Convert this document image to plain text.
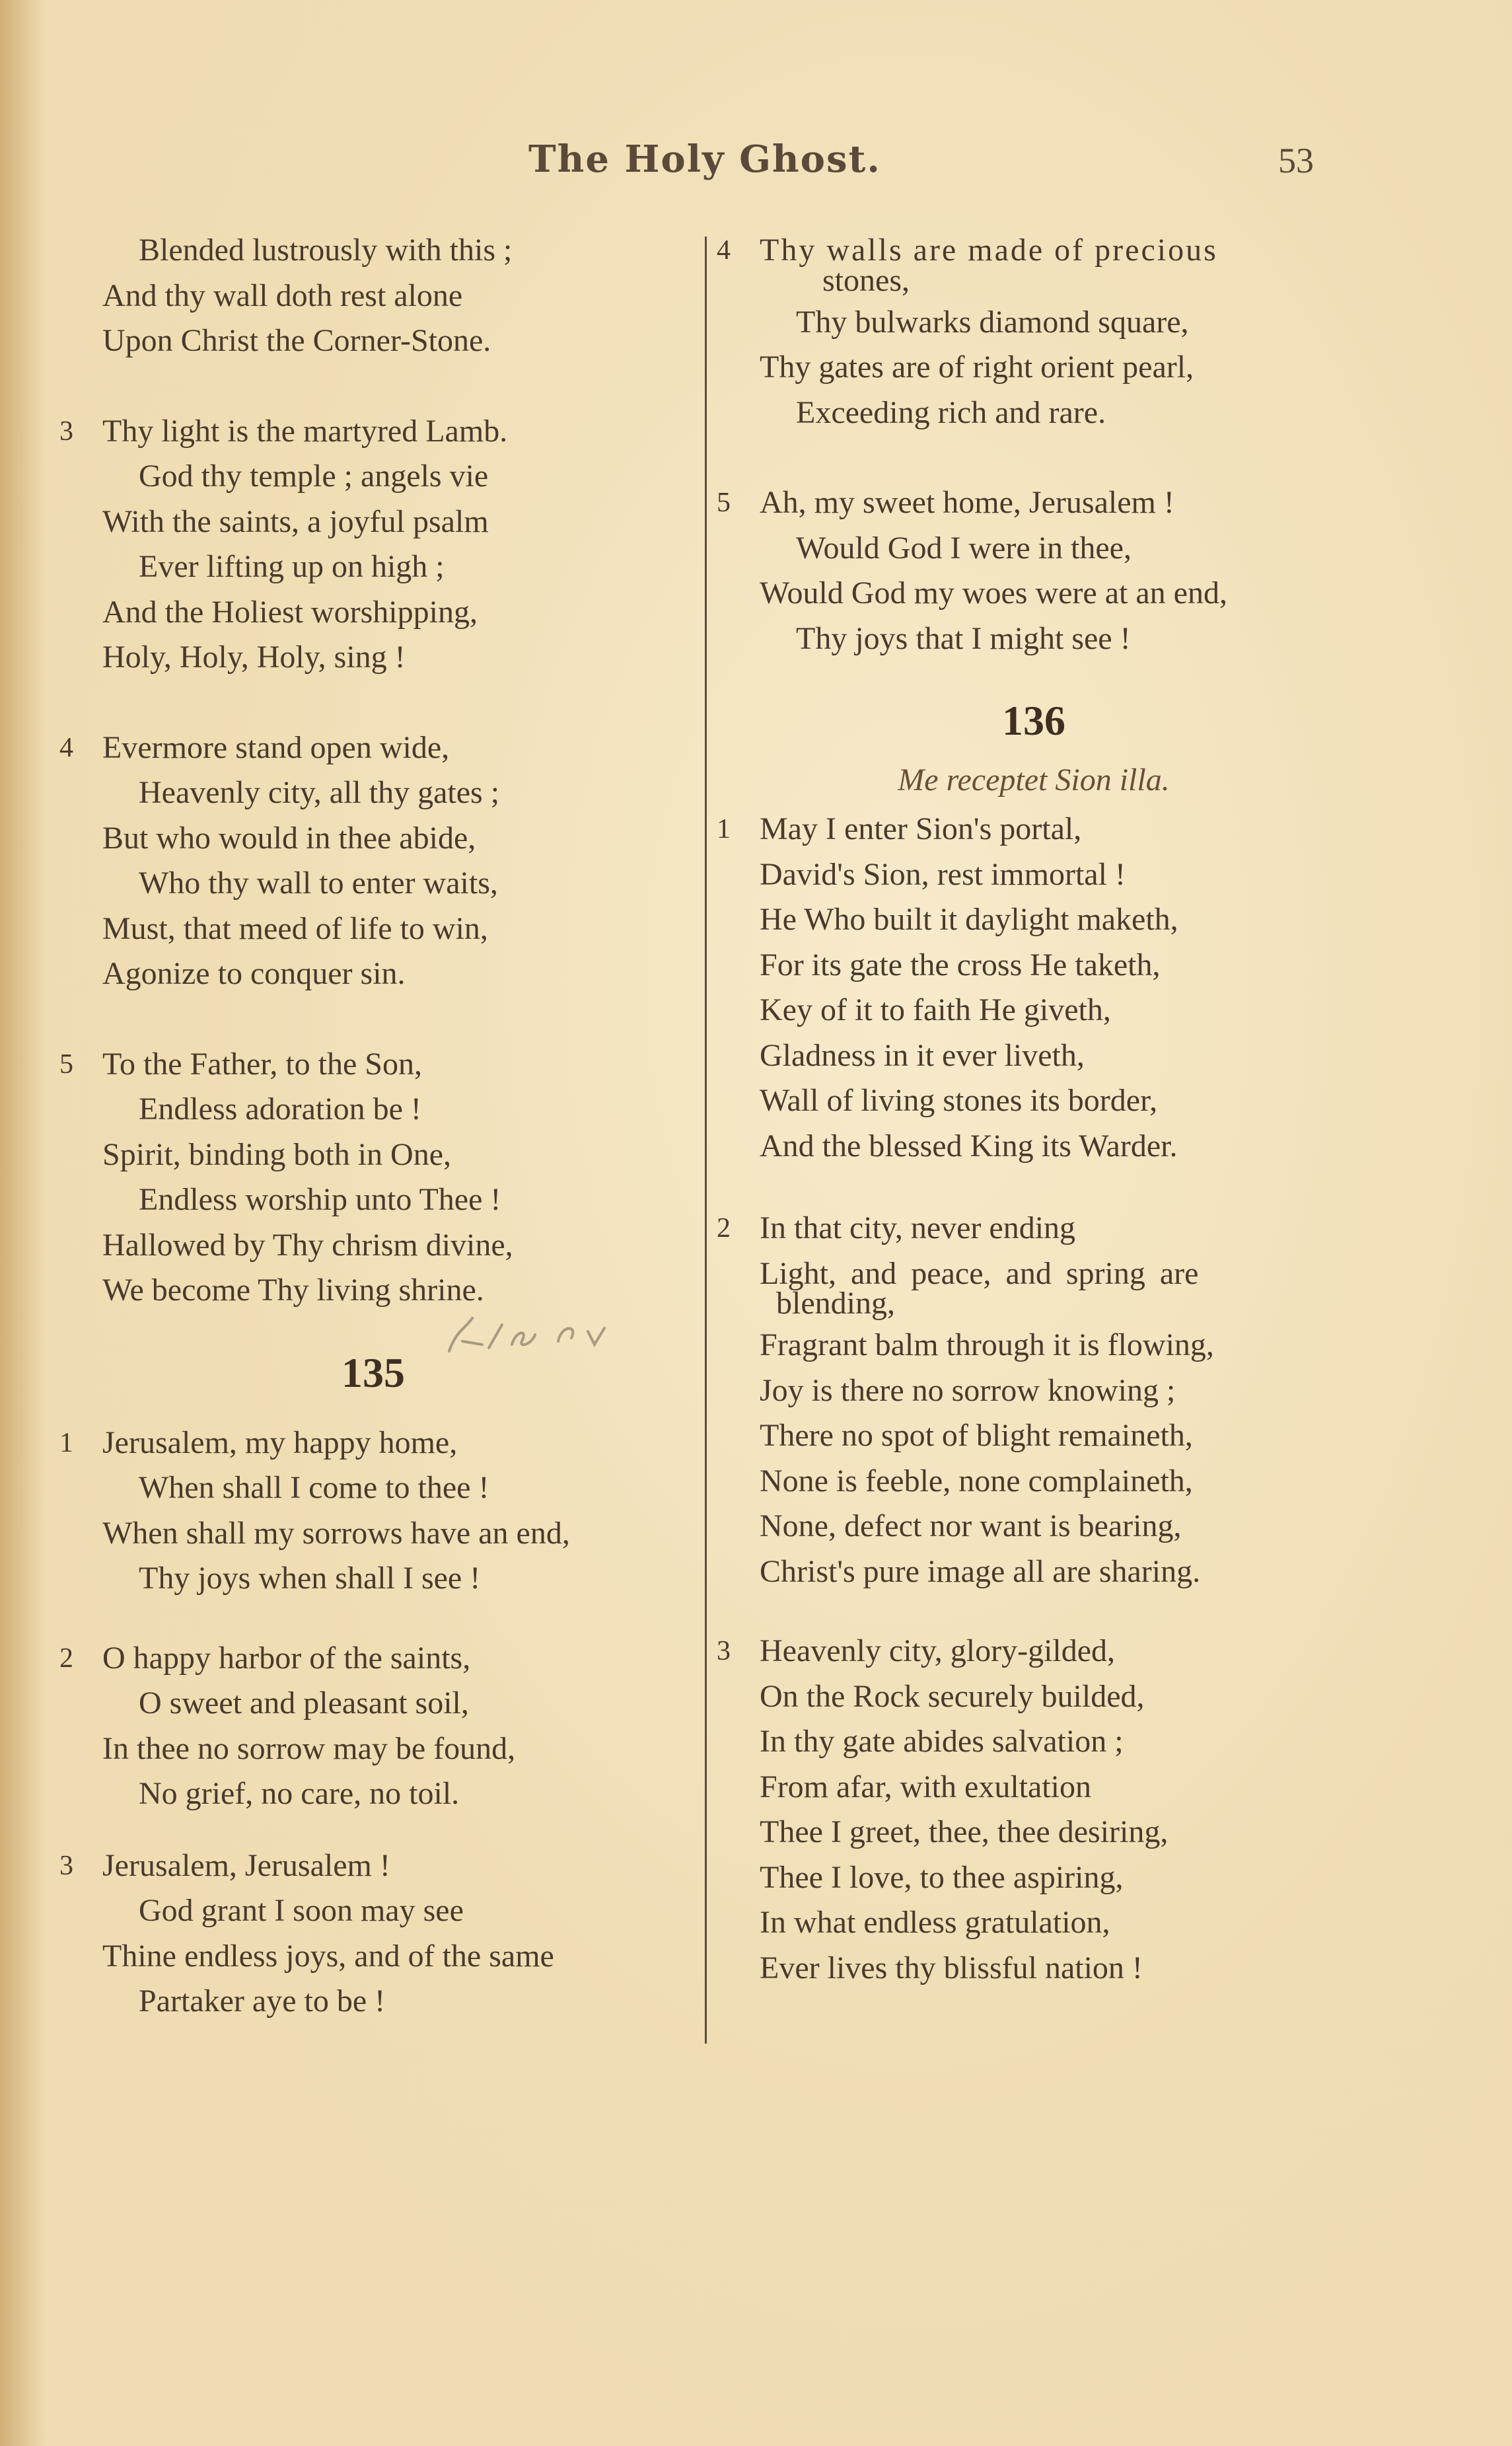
The Holy Ghost.	53
Blended lustrously with this ;
And thy wall doth rest alone
Upon Christ the Corner-Stone.
3 Thy light is the martyred Lamb.
God thy temple ; angels vie
With the saints, a joyful psalm
Ever lifting up on high ;
And the Holiest worshipping,
Holy, Holy, Holy, sing !
4 Evermore stand open wide,
Heavenly city, all thy gates ;
But who would in thee abide,
Who thy wall to enter waits,
Must, that meed of life to win,
Agonize to conquer sin.
5 To the Father, to the Son,
Endless adoration be !
Spirit, binding both in One,
Endless worship unto Thee !
Hallowed by Thy chrism divine,
We become Thy living shrine.
135
1 Jerusalem, my happy home,
When shall I come to thee !
When shall my sorrows have an end,
Thy joys when shall I see !
2 O happy harbor of the saints,
O sweet and pleasant soil,
In thee no sorrow may be found,
No grief, no care, no toil.
3 Jerusalem, Jerusalem !
God grant I soon may see
Thine endless joys, and of the same
Partaker aye to be !
4 Thy walls are made of precious
stones,
Thy bulwarks diamond square,
Thy gates are of right orient pearl,
Exceeding rich and rare.
5 Ah, my sweet home, Jerusalem !
Would God I were in thee,
Would God my woes were at an end,
Thy joys that I might see !
136
Me receptet Sion illa.
1 May I enter Sion's portal,
David's Sion, rest immortal !
He Who built it daylight maketh,
For its gate the cross He taketh,
Key of it to faith He giveth,
Gladness in it ever liveth,
Wall of living stones its border,
And the blessed King its Warder.
2 In that city, never ending
Light, and peace, and spring are
blending,
Fragrant balm through it is flowing,
Joy is there no sorrow knowing ;
There no spot of blight remaineth,
None is feeble, none complaineth,
None, defect nor want is bearing,
Christ's pure image all are sharing.
3 Heavenly city, glory-gilded,
On the Rock securely builded,
In thy gate abides salvation ;
From afar, with exultation
Thee I greet, thee, thee desiring,
Thee I love, to thee aspiring,
In what endless gratulation,
Ever lives thy blissful nation !
